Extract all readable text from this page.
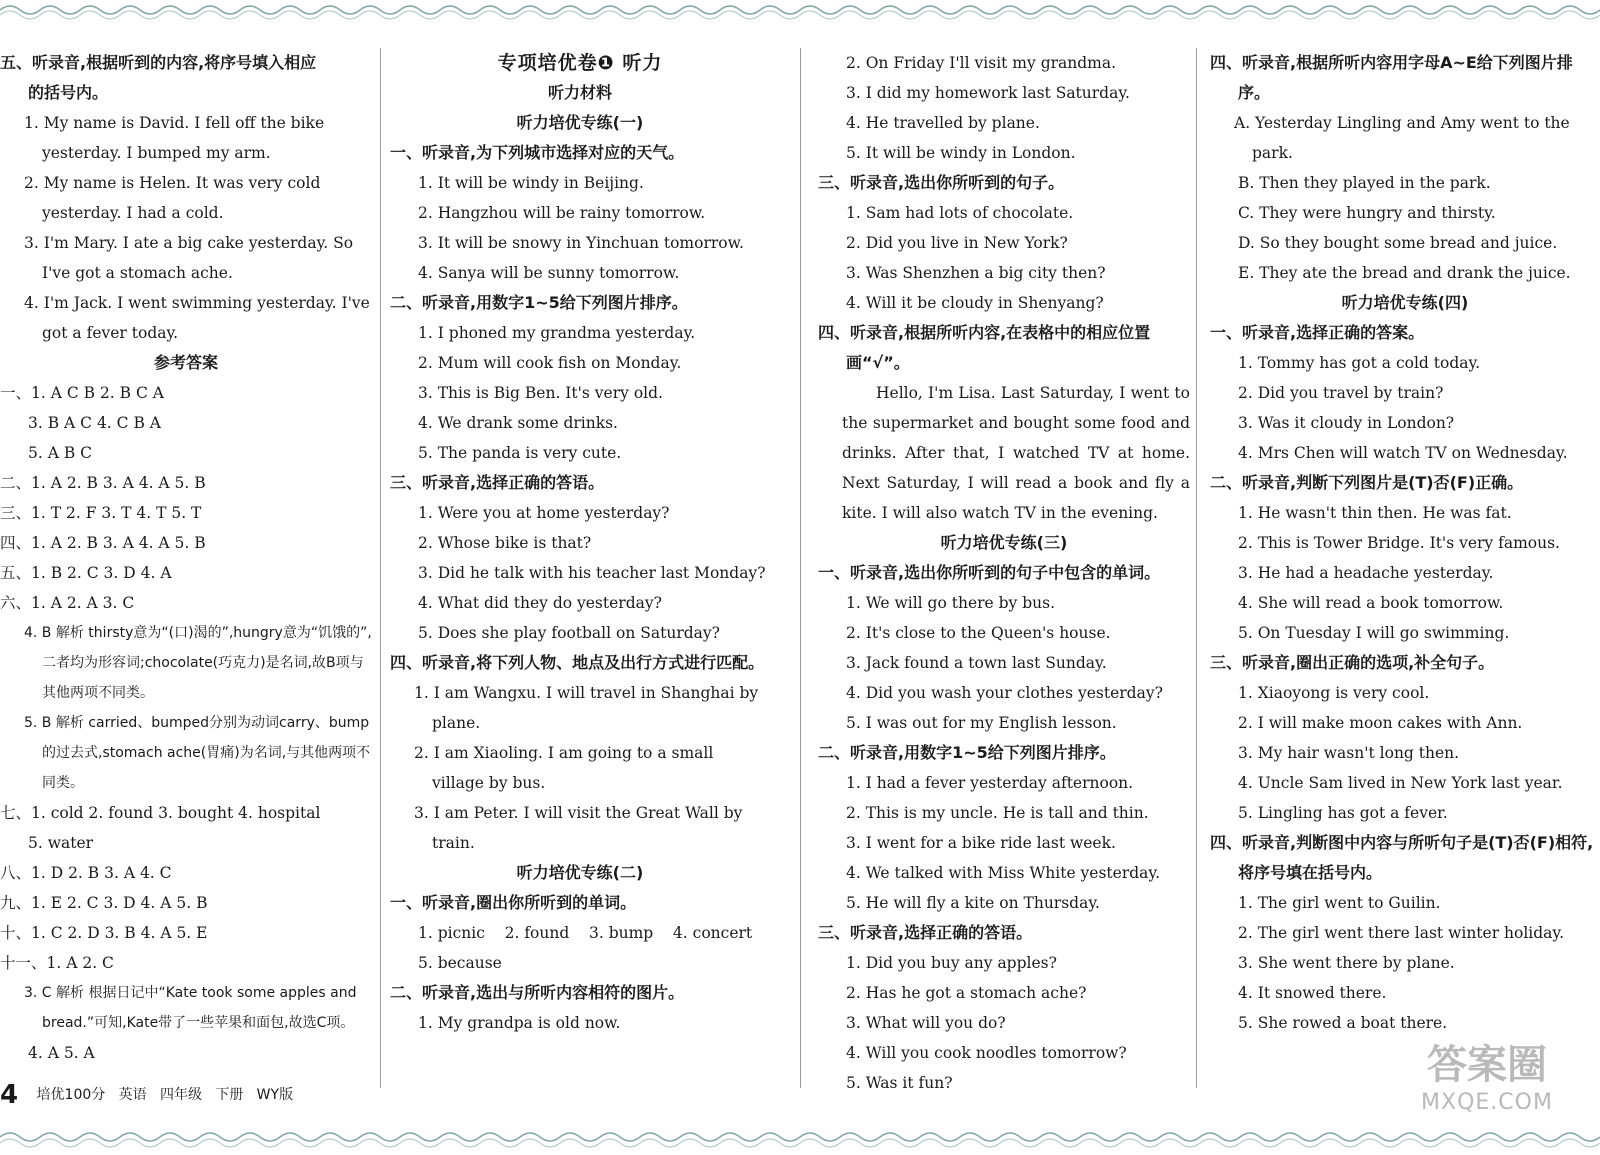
五、听录音,根据听到的内容,将序号填入相应

的括号内。

1. My name is David. I fell off the bike yesterday. I bumped my arm.

2. My name is Helen. It was very cold yesterday. I had a cold.

3. I'm Mary. I ate a big cake yesterday. So I've got a stomach ache.

4. I'm Jack. I went swimming yesterday. I've got a fever today.

参考答案

一、1. A C B 2. B C A

3. B A C 4. C B A

5. A B C

二、1. A 2. B 3. A 4. A 5. B

三、1. T 2. F 3. T 4. T 5. T

四、1. A 2. B 3. A 4. A 5. B

五、1. B 2. C 3. D 4. A

六、1. A 2. A 3. C

4. B 解析 thirsty意为“(口)渴的”,hungry意为“饥饿的”,二者均为形容词;chocolate(巧克力)是名词,故B项与其他两项不同类。

5. B 解析 carried、bumped分别为动词carry、bump的过去式,stomach ache(胃痛)为名词,与其他两项不同类。

七、1. cold 2. found 3. bought 4. hospital

5. water

八、1. D 2. B 3. A 4. C

九、1. E 2. C 3. D 4. A 5. B

十、1. C 2. D 3. B 4. A 5. E

十一、1. A 2. C

3. C 解析 根据日记中“Kate took some apples and bread.”可知,Kate带了一些苹果和面包,故选C项。

4. A 5. A

专项培优卷❶ 听力

听力材料

听力培优专练(一)

一、听录音,为下列城市选择对应的天气。

1. It will be windy in Beijing.

2. Hangzhou will be rainy tomorrow.

3. It will be snowy in Yinchuan tomorrow.

4. Sanya will be sunny tomorrow.

二、听录音,用数字1~5给下列图片排序。

1. I phoned my grandma yesterday.

2. Mum will cook fish on Monday.

3. This is Big Ben. It's very old.

4. We drank some drinks.

5. The panda is very cute.

三、听录音,选择正确的答语。

1. Were you at home yesterday?

2. Whose bike is that?

3. Did he talk with his teacher last Monday?

4. What did they do yesterday?

5. Does she play football on Saturday?

四、听录音,将下列人物、地点及出行方式进行匹配。

1. I am Wangxu. I will travel in Shanghai by plane.

2. I am Xiaoling. I am going to a small village by bus.

3. I am Peter. I will visit the Great Wall by train.

听力培优专练(二)

一、听录音,圈出你所听到的单词。

1. picnic    2. found    3. bump    4. concert

5. because

二、听录音,选出与所听内容相符的图片。

1. My grandpa is old now.

2. On Friday I'll visit my grandma.

3. I did my homework last Saturday.

4. He travelled by plane.

5. It will be windy in London.

三、听录音,选出你所听到的句子。

1. Sam had lots of chocolate.

2. Did you live in New York?

3. Was Shenzhen a big city then?

4. Will it be cloudy in Shenyang?

四、听录音,根据所听内容,在表格中的相应位置画“√”。

Hello, I'm Lisa. Last Saturday, I went to the supermarket and bought some food and drinks. After that, I watched TV at home. Next Saturday, I will read a book and fly a kite. I will also watch TV in the evening.

听力培优专练(三)

一、听录音,选出你所听到的句子中包含的单词。

1. We will go there by bus.

2. It's close to the Queen's house.

3. Jack found a town last Sunday.

4. Did you wash your clothes yesterday?

5. I was out for my English lesson.

二、听录音,用数字1~5给下列图片排序。

1. I had a fever yesterday afternoon.

2. This is my uncle. He is tall and thin.

3. I went for a bike ride last week.

4. We talked with Miss White yesterday.

5. He will fly a kite on Thursday.

三、听录音,选择正确的答语。

1. Did you buy any apples?

2. Has he got a stomach ache?

3. What will you do?

4. Will you cook noodles tomorrow?

5. Was it fun?

四、听录音,根据所听内容用字母A~E给下列图片排序。

A. Yesterday Lingling and Amy went to the park.

B. Then they played in the park.

C. They were hungry and thirsty.

D. So they bought some bread and juice.

E. They ate the bread and drank the juice.

听力培优专练(四)

一、听录音,选择正确的答案。

1. Tommy has got a cold today.

2. Did you travel by train?

3. Was it cloudy in London?

4. Mrs Chen will watch TV on Wednesday.

二、听录音,判断下列图片是(T)否(F)正确。

1. He wasn't thin then. He was fat.

2. This is Tower Bridge. It's very famous.

3. He had a headache yesterday.

4. She will read a book tomorrow.

5. On Tuesday I will go swimming.

三、听录音,圈出正确的选项,补全句子。

1. Xiaoyong is very cool.

2. I will make moon cakes with Ann.

3. My hair wasn't long then.

4. Uncle Sam lived in New York last year.

5. Lingling has got a fever.

四、听录音,判断图中内容与所听句子是(T)否(F)相符,将序号填在括号内。

1. The girl went to Guilin.

2. The girl went there last winter holiday.

3. She went there by plane.

4. It snowed there.

5. She rowed a boat there.

4 培优100分   英语   四年级   下册   WY版
答案圈
MXQE.COM
